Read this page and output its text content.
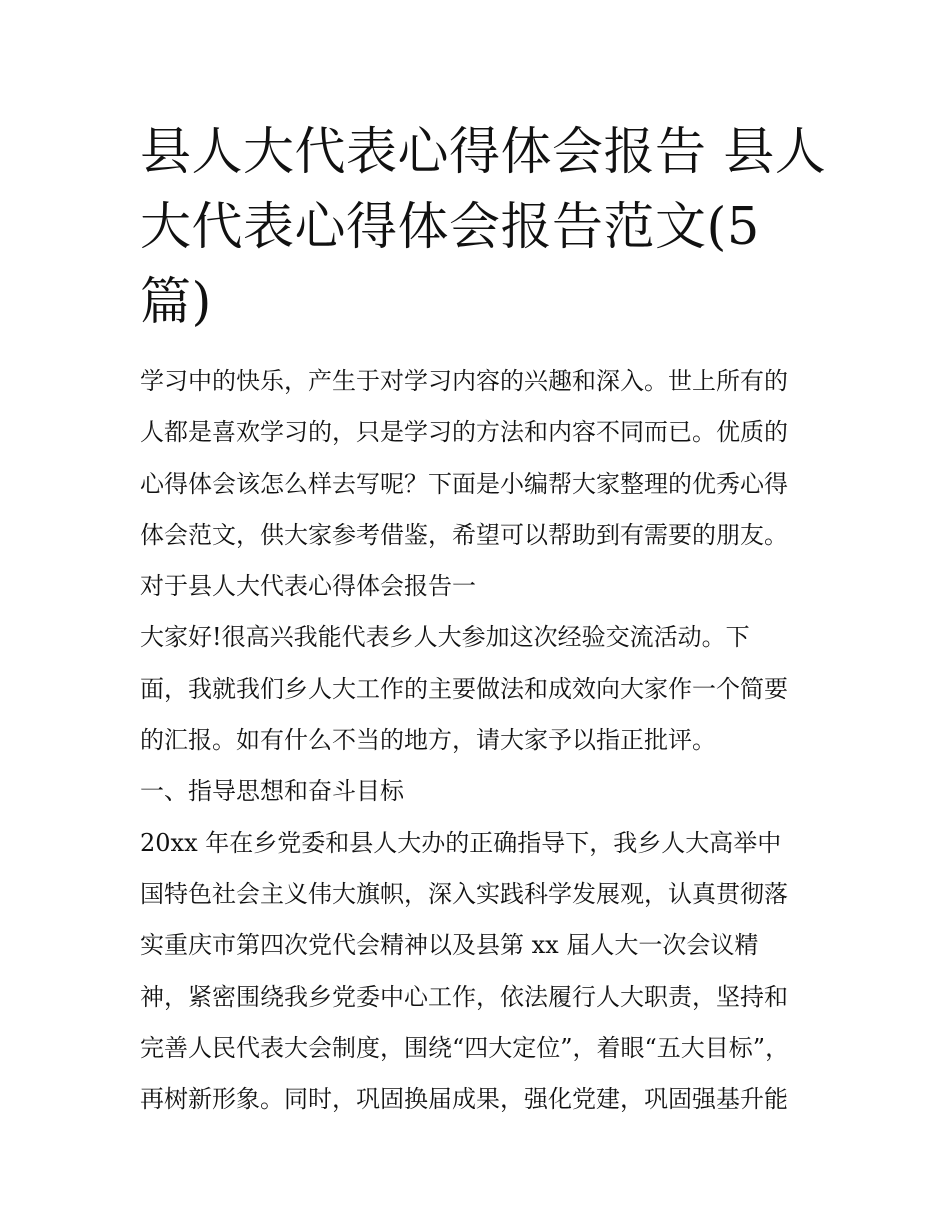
县人大代表心得体会报告 县人
大代表心得体会报告范文(5
篇)

学习中的快乐，产生于对学习内容的兴趣和深入。世上所有的

人都是喜欢学习的，只是学习的方法和内容不同而已。优质的

心得体会该怎么样去写呢？下面是小编帮大家整理的优秀心得

体会范文，供大家参考借鉴，希望可以帮助到有需要的朋友。

对于县人大代表心得体会报告一

大家好!很高兴我能代表乡人大参加这次经验交流活动。下

面，我就我们乡人大工作的主要做法和成效向大家作一个简要

的汇报。如有什么不当的地方，请大家予以指正批评。

一、指导思想和奋斗目标

20xx 年在乡党委和县人大办的正确指导下，我乡人大高举中

国特色社会主义伟大旗帜，深入实践科学发展观，认真贯彻落

实重庆市第四次党代会精神以及县第 xx 届人大一次会议精

神，紧密围绕我乡党委中心工作，依法履行人大职责，坚持和

完善人民代表大会制度，围绕“四大定位”，着眼“五大目标”，

再树新形象。同时，巩固换届成果，强化党建，巩固强基升能
